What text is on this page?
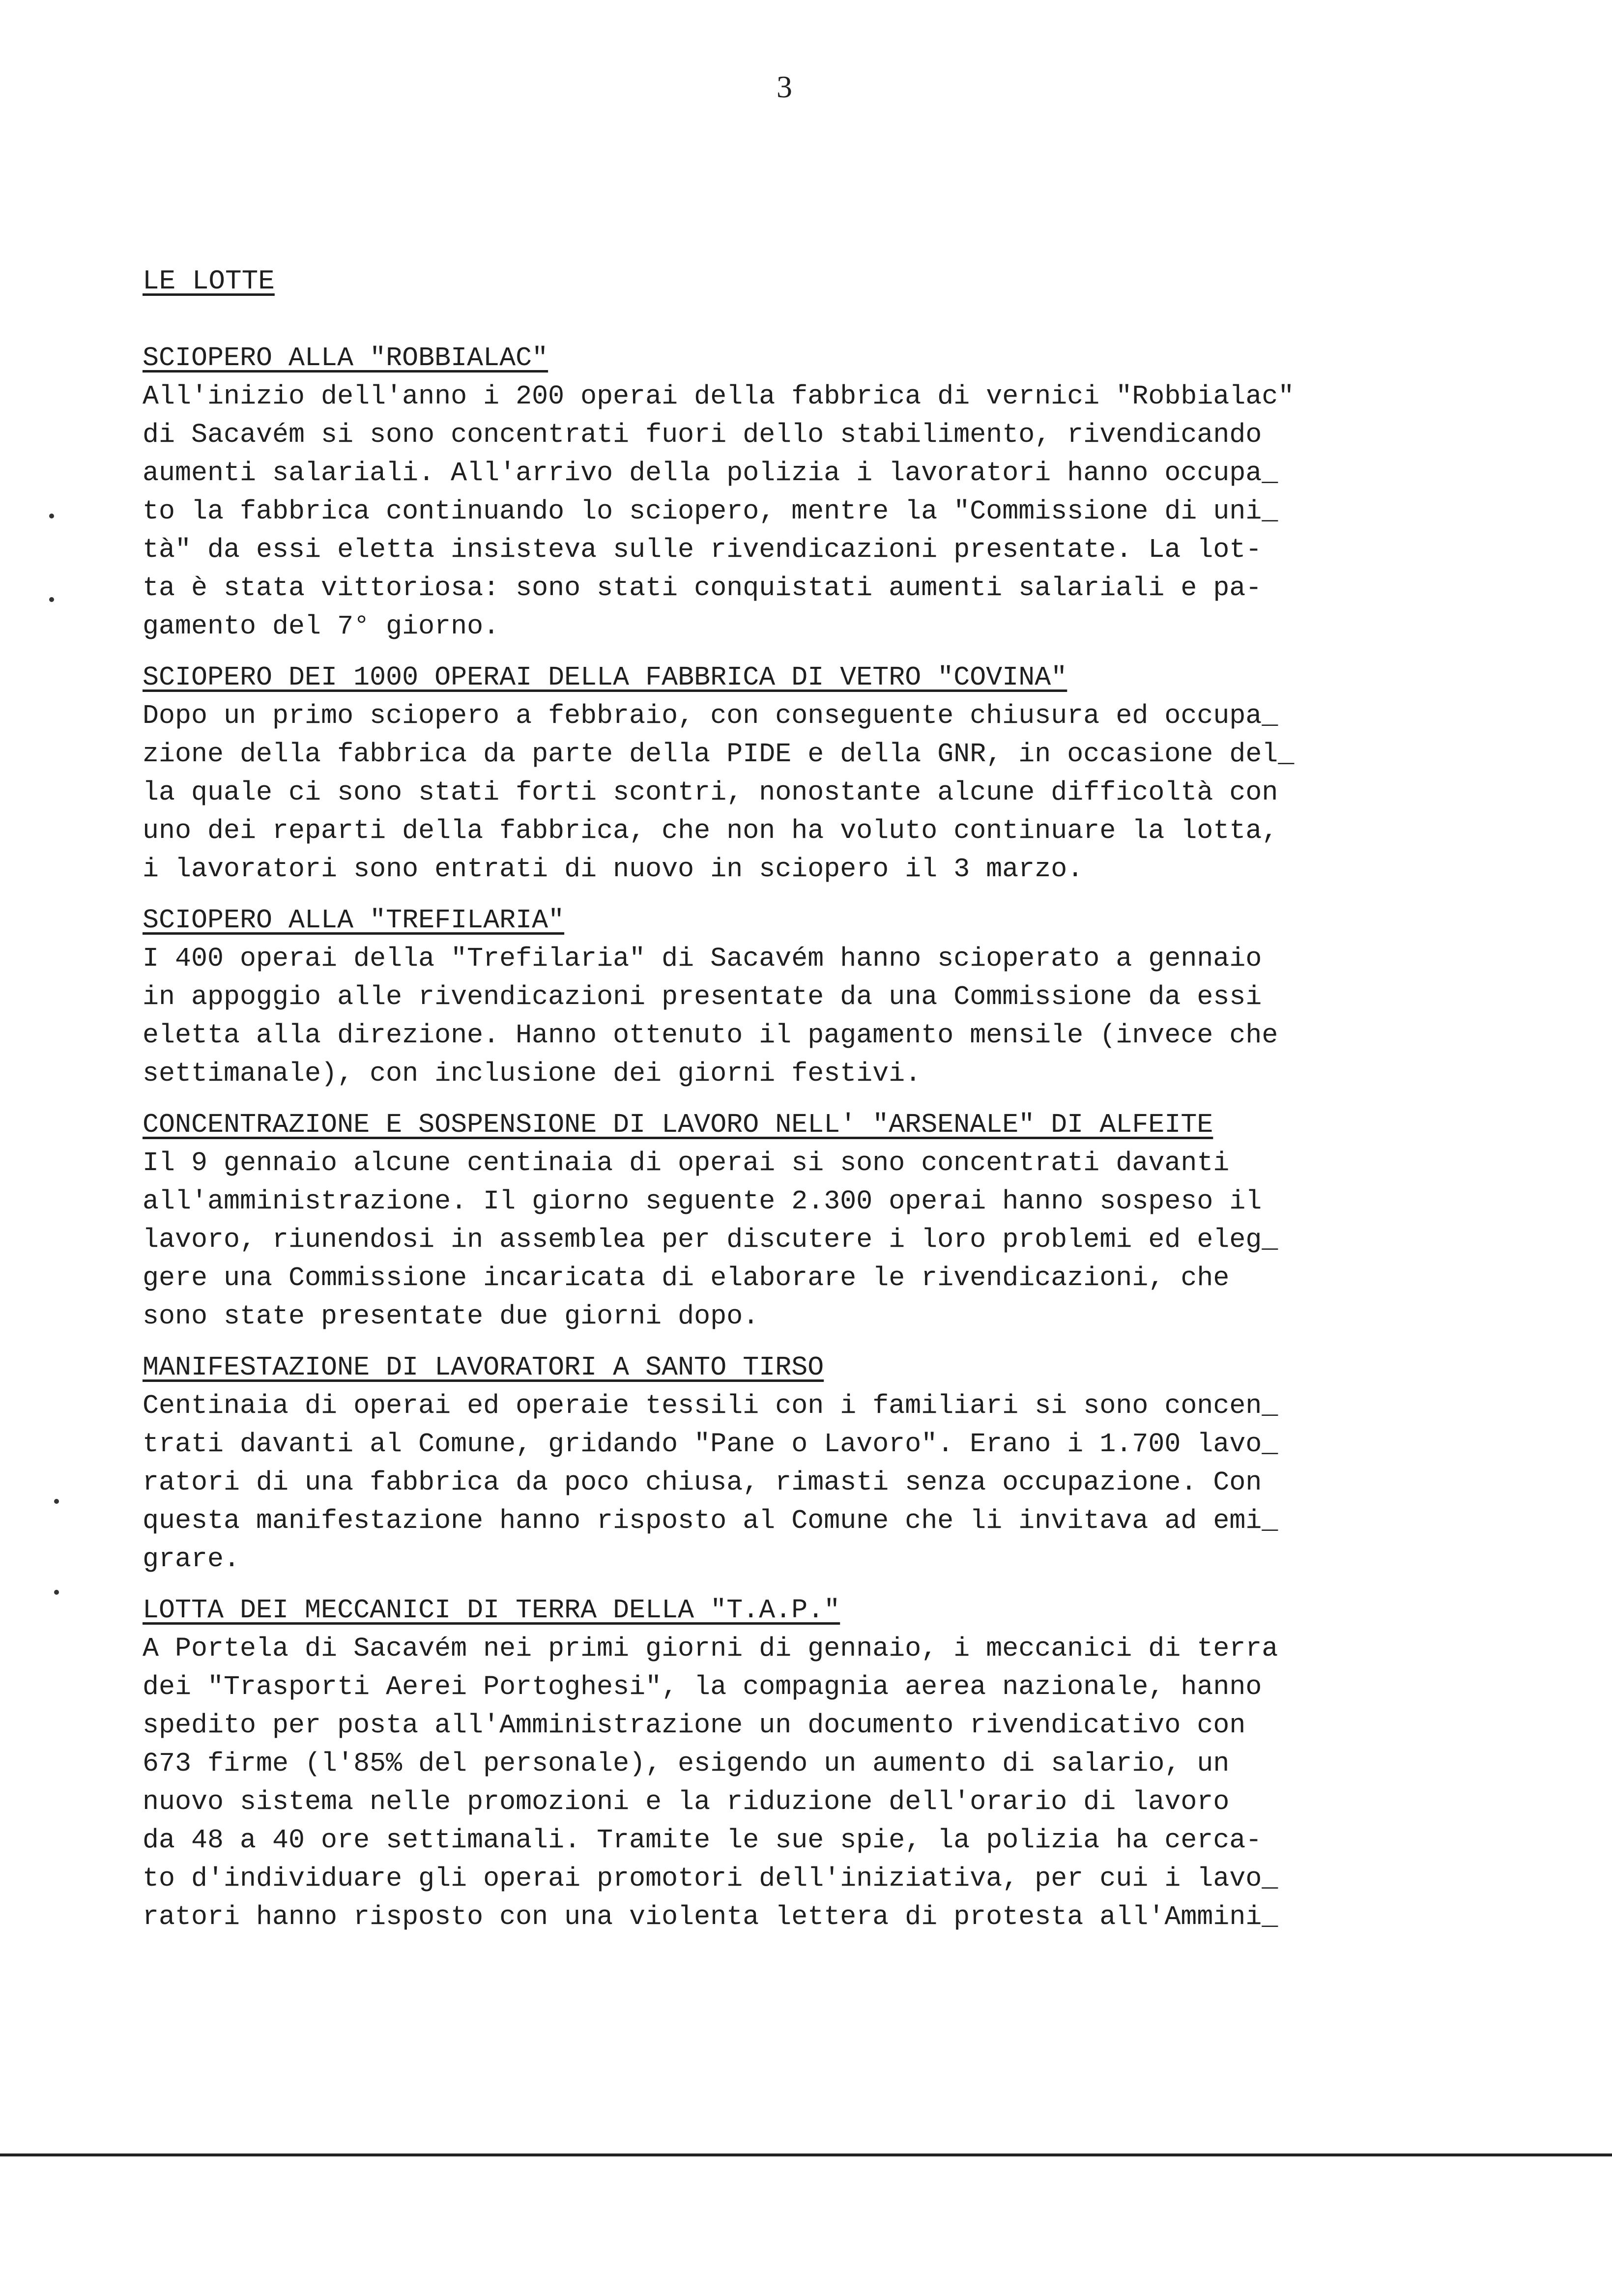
3
LE LOTTE
SCIOPERO ALLA "ROBBIALAC"
All'inizio dell'anno i 200 operai della fabbrica di vernici "Robbialac"
di Sacavém si sono concentrati fuori dello stabilimento, rivendicando
aumenti salariali. All'arrivo della polizia i lavoratori hanno occupa_
to la fabbrica continuando lo sciopero, mentre la "Commissione di uni_
tà" da essi eletta insisteva sulle rivendicazioni presentate. La lot-
ta è stata vittoriosa: sono stati conquistati aumenti salariali e pa-
gamento del 7° giorno.
SCIOPERO DEI 1000 OPERAI DELLA FABBRICA DI VETRO "COVINA"
Dopo un primo sciopero a febbraio, con conseguente chiusura ed occupa_
zione della fabbrica da parte della PIDE e della GNR, in occasione del_
la quale ci sono stati forti scontri, nonostante alcune difficoltà con
uno dei reparti della fabbrica, che non ha voluto continuare la lotta,
i lavoratori sono entrati di nuovo in sciopero il 3 marzo.
SCIOPERO ALLA "TREFILARIA"
I 400 operai della "Trefilaria" di Sacavém hanno scioperato a gennaio
in appoggio alle rivendicazioni presentate da una Commissione da essi
eletta alla direzione. Hanno ottenuto il pagamento mensile (invece che
settimanale), con inclusione dei giorni festivi.
CONCENTRAZIONE E SOSPENSIONE DI LAVORO NELL' "ARSENALE" DI ALFEITE
Il 9 gennaio alcune centinaia di operai si sono concentrati davanti
all'amministrazione. Il giorno seguente 2.300 operai hanno sospeso il
lavoro, riunendosi in assemblea per discutere i loro problemi ed eleg_
gere una Commissione incaricata di elaborare le rivendicazioni, che
sono state presentate due giorni dopo.
MANIFESTAZIONE DI LAVORATORI A SANTO TIRSO
Centinaia di operai ed operaie tessili con i familiari si sono concen_
trati davanti al Comune, gridando "Pane o Lavoro". Erano i 1.700 lavo_
ratori di una fabbrica da poco chiusa, rimasti senza occupazione. Con
questa manifestazione hanno risposto al Comune che li invitava ad emi_
grare.
LOTTA DEI MECCANICI DI TERRA DELLA "T.A.P."
A Portela di Sacavém nei primi giorni di gennaio, i meccanici di terra
dei "Trasporti Aerei Portoghesi", la compagnia aerea nazionale, hanno
spedito per posta all'Amministrazione un documento rivendicativo con
673 firme (l'85% del personale), esigendo un aumento di salario, un
nuovo sistema nelle promozioni e la riduzione dell'orario di lavoro
da 48 a 40 ore settimanali. Tramite le sue spie, la polizia ha cerca-
to d'individuare gli operai promotori dell'iniziativa, per cui i lavo_
ratori hanno risposto con una violenta lettera di protesta all'Ammini_
